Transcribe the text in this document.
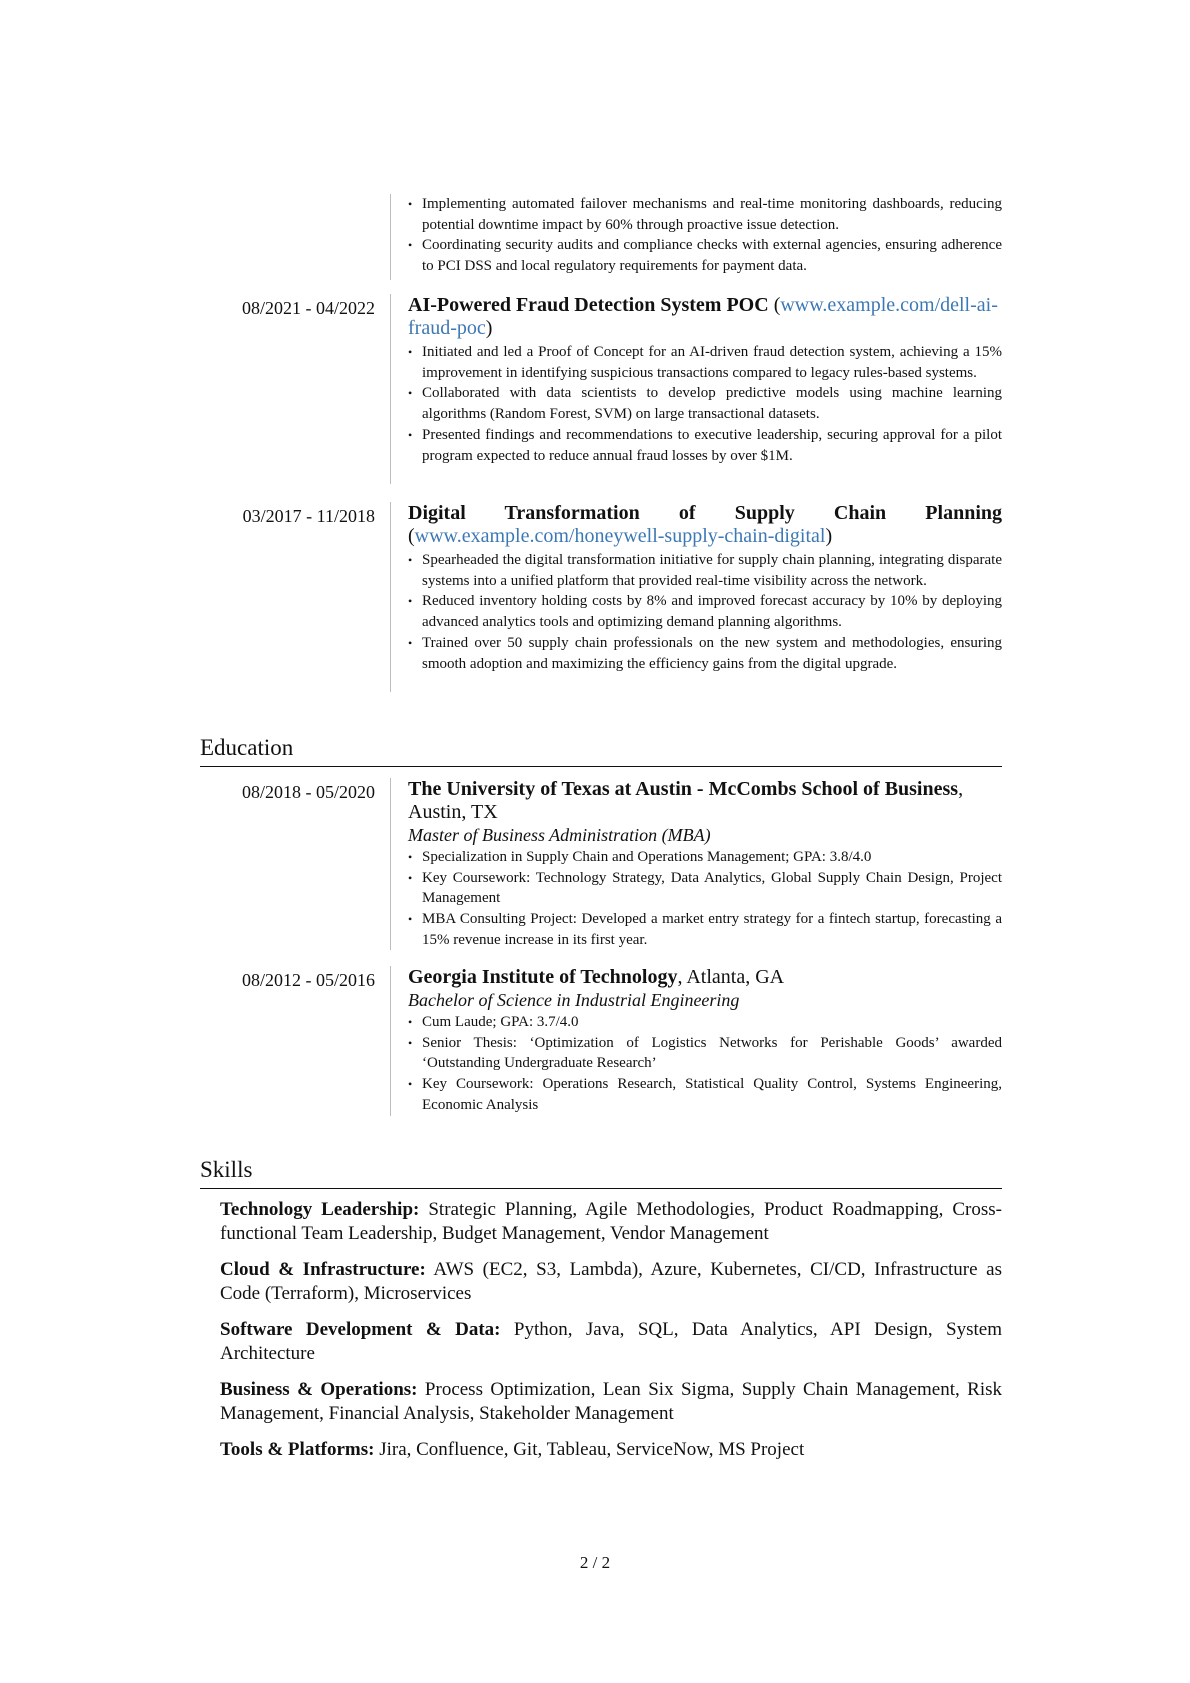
• Implementing automated failover mechanisms and real-time monitoring dashboards, reducing potential downtime impact by 60% through proactive issue detection.
• Coordinating security audits and compliance checks with external agencies, ensuring adherence to PCI DSS and local regulatory requirements for payment data.
08/2021 - 04/2022 AI-Powered Fraud Detection System POC (www.example.com/dell-ai-fraud-poc)

• Initiated and led a Proof of Concept for an AI-driven fraud detection system, achieving a 15% improvement in identifying suspicious transactions compared to legacy rules-based systems.
• Collaborated with data scientists to develop predictive models using machine learning algorithms (Random Forest, SVM) on large transactional datasets.
• Presented findings and recommendations to executive leadership, securing approval for a pilot program expected to reduce annual fraud losses by over $1M.
03/2017 - 11/2018 Digital Transformation of Supply Chain Planning

(www.example.com/honeywell-supply-chain-digital)

• Spearheaded the digital transformation initiative for supply chain planning, integrating disparate systems into a unified platform that provided real-time visibility across the network.
• Reduced inventory holding costs by 8% and improved forecast accuracy by 10% by deploying advanced analytics tools and optimizing demand planning algorithms.
• Trained over 50 supply chain professionals on the new system and methodologies, ensuring smooth adoption and maximizing the efficiency gains from the digital upgrade.
Education
08/2018 - 05/2020 The University of Texas at Austin - McCombs School of Business, Austin, TX

Master of Business Administration (MBA)

• Specialization in Supply Chain and Operations Management; GPA: 3.8/4.0
• Key Coursework: Technology Strategy, Data Analytics, Global Supply Chain Design, Project Management
• MBA Consulting Project: Developed a market entry strategy for a fintech startup, forecasting a 15% revenue increase in its first year.
08/2012 - 05/2016 Georgia Institute of Technology, Atlanta, GA

Bachelor of Science in Industrial Engineering

• Cum Laude; GPA: 3.7/4.0
• Senior Thesis: ‘Optimization of Logistics Networks for Perishable Goods’ awarded ‘Outstanding Undergraduate Research’
• Key Coursework: Operations Research, Statistical Quality Control, Systems Engineering, Economic Analysis
Skills

Technology Leadership: Strategic Planning, Agile Methodologies, Product Roadmapping, Cross-functional Team Leadership, Budget Management, Vendor Management

Cloud & Infrastructure: AWS (EC2, S3, Lambda), Azure, Kubernetes, CI/CD, Infrastructure as Code (Terraform), Microservices

Software Development & Data: Python, Java, SQL, Data Analytics, API Design, System Architecture

Business & Operations: Process Optimization, Lean Six Sigma, Supply Chain Management, Risk Management, Financial Analysis, Stakeholder Management

Tools & Platforms: Jira, Confluence, Git, Tableau, ServiceNow, MS Project

2 / 2
